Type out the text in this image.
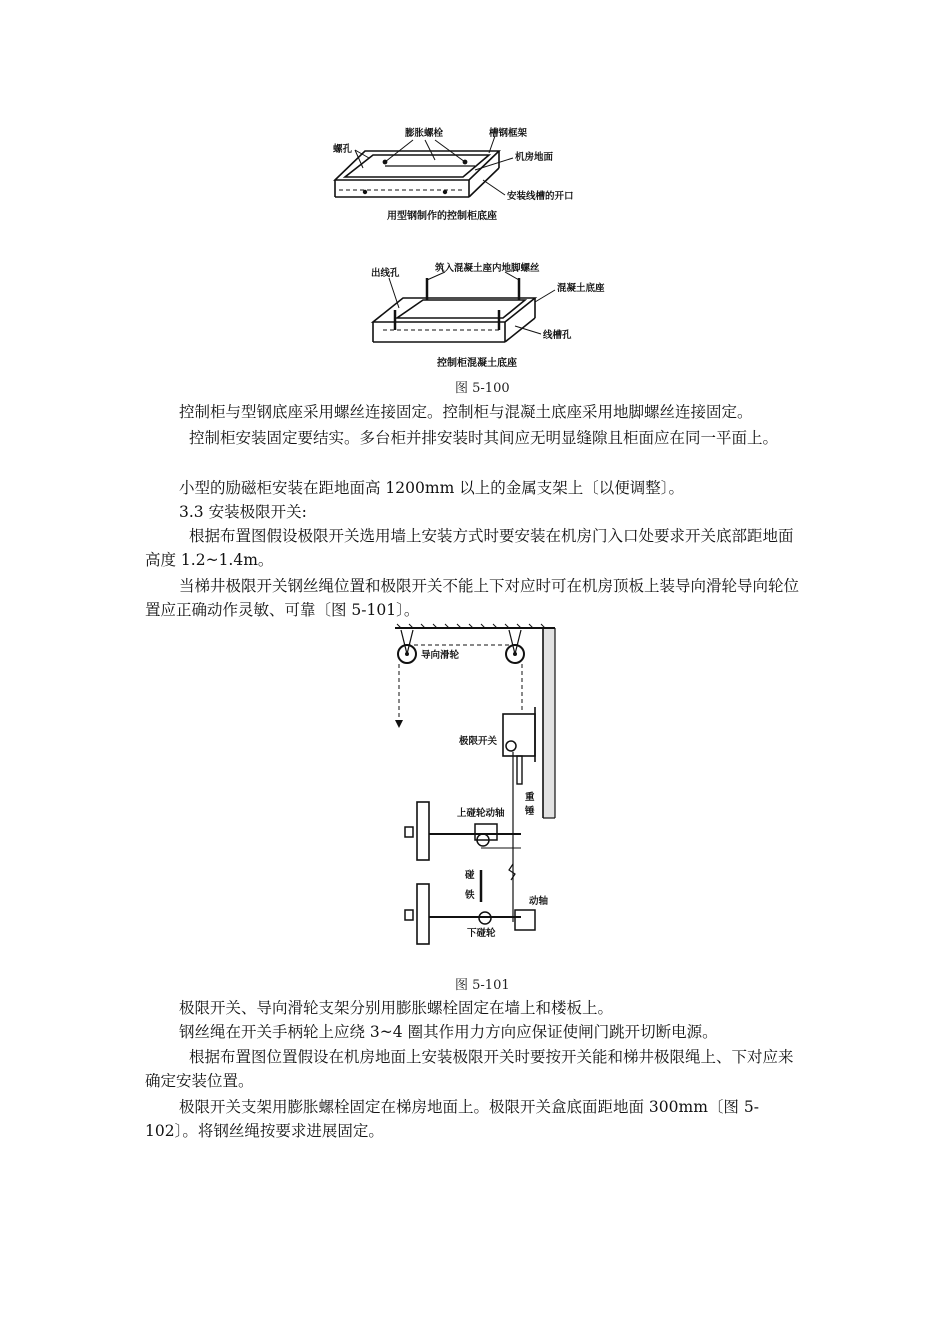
膨胀螺栓	槽钢框架
螺孔
机房地面
安装线槽的开口
用型钢制作的控制柜底座
出线孔	筑入混凝土座内地脚螺丝
混凝土底座
线槽孔
控制柜混凝土底座
图 5-100
控制柜与型钢底座采用螺丝连接固定。控制柜与混凝土底座采用地脚螺丝连接固定。
控制柜安装固定要结实。多台柜并排安装时其间应无明显缝隙且柜面应在同一平面上。
小型的励磁柜安装在距地面高 1200mm 以上的金属支架上〔以便调整〕。
3.3 安装极限开关:
根据布置图假设极限开关选用墙上安装方式时要安装在机房门入口处要求开关底部距地面高度 1.2~1.4m。
当梯井极限开关钢丝绳位置和极限开关不能上下对应时可在机房顶板上装导向滑轮导向轮位置应正确动作灵敏、可靠〔图 5-101〕。
导向滑轮
极限开关
重
锤
上碰轮动轴
碰
铁
动轴
下碰轮
图 5-101
极限开关、导向滑轮支架分别用膨胀螺栓固定在墙上和楼板上。
钢丝绳在开关手柄轮上应绕 3~4 圈其作用力方向应保证使闸门跳开切断电源。
根据布置图位置假设在机房地面上安装极限开关时要按开关能和梯井极限绳上、下对应来确定安装位置。
极限开关支架用膨胀螺栓固定在梯房地面上。极限开关盒底面距地面 300mm〔图 5-102〕。将钢丝绳按要求进展固定。
